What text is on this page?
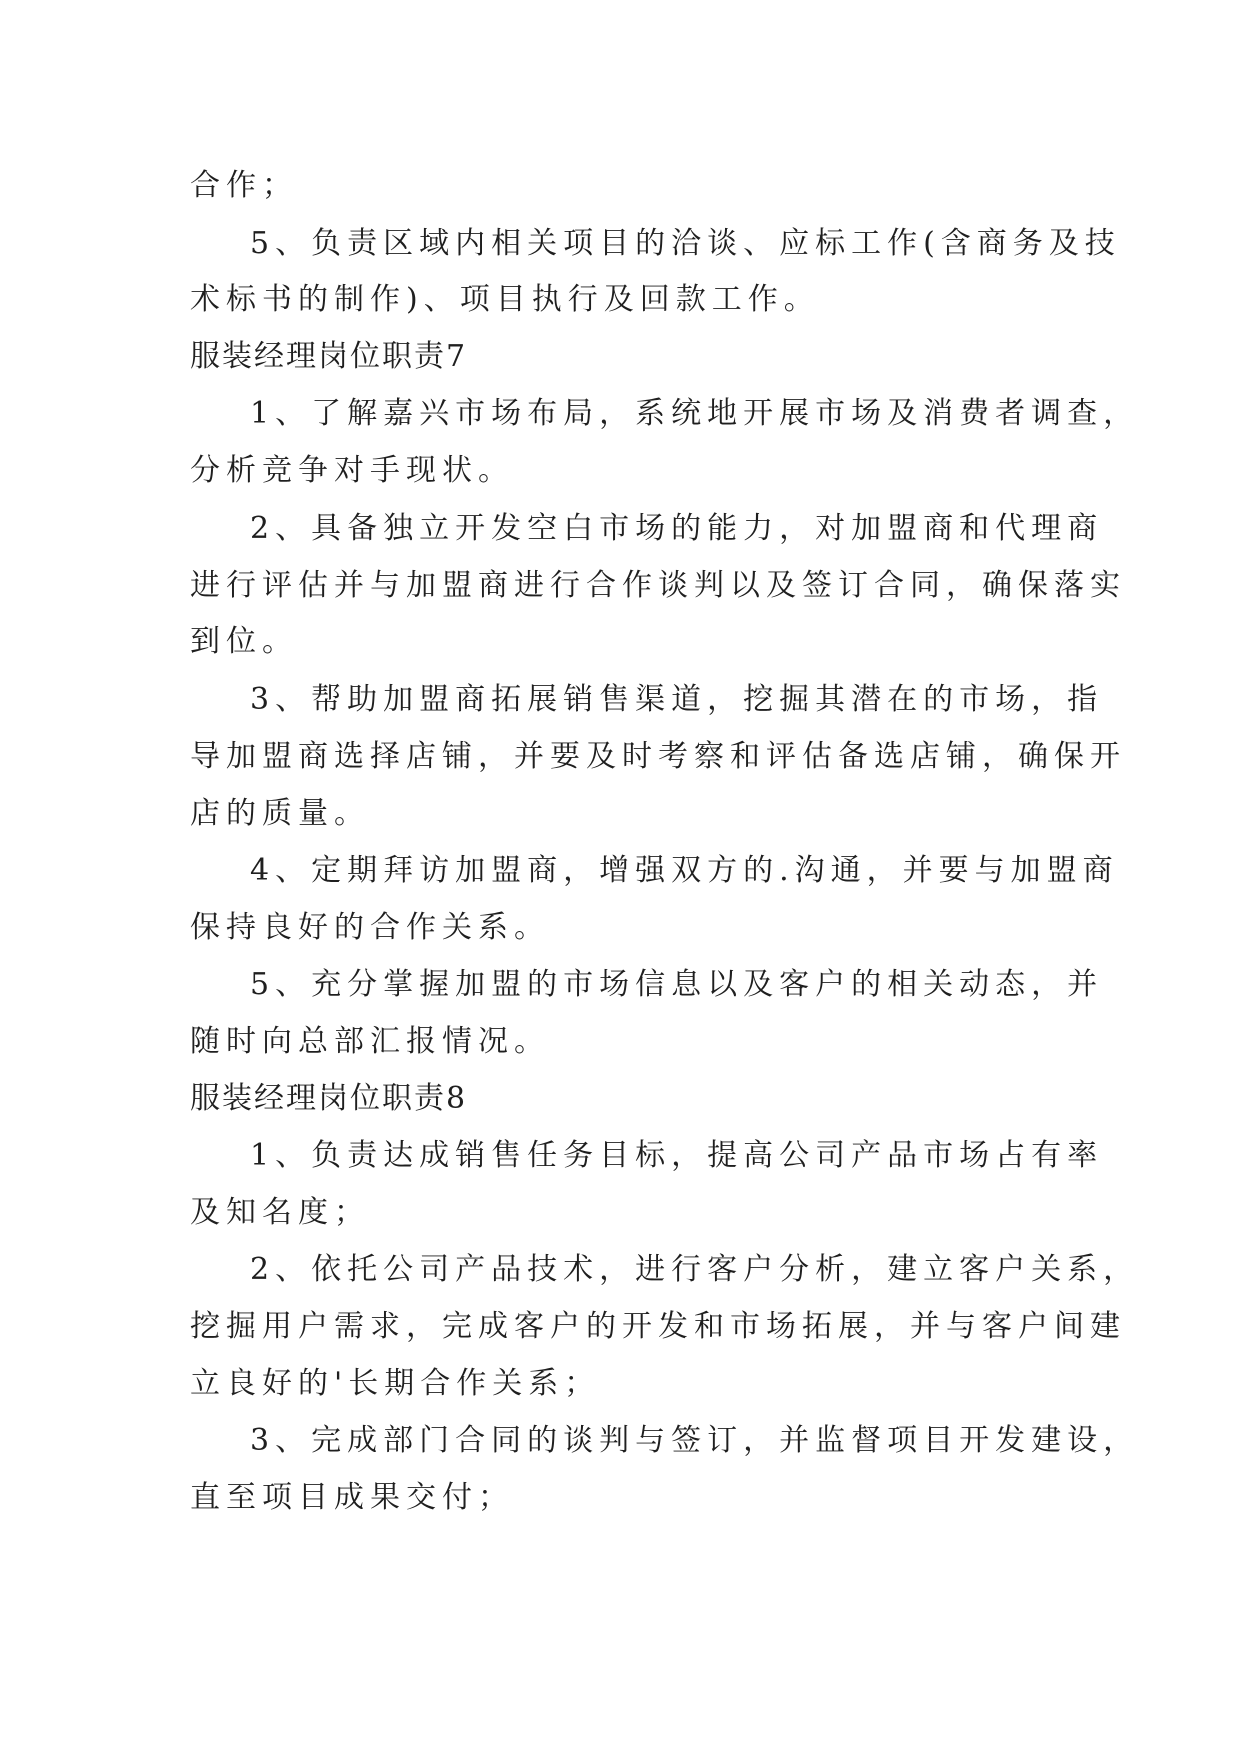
合作；
5、负责区域内相关项目的洽谈、应标工作(含商务及技
术标书的制作)、项目执行及回款工作。
服装经理岗位职责7
1、了解嘉兴市场布局，系统地开展市场及消费者调查，
分析竞争对手现状。
2、具备独立开发空白市场的能力，对加盟商和代理商
进行评估并与加盟商进行合作谈判以及签订合同，确保落实
到位。
3、帮助加盟商拓展销售渠道，挖掘其潜在的市场，指
导加盟商选择店铺，并要及时考察和评估备选店铺，确保开
店的质量。
4、定期拜访加盟商，增强双方的.沟通，并要与加盟商
保持良好的合作关系。
5、充分掌握加盟的市场信息以及客户的相关动态，并
随时向总部汇报情况。
服装经理岗位职责8
1、负责达成销售任务目标，提高公司产品市场占有率
及知名度；
2、依托公司产品技术，进行客户分析，建立客户关系，
挖掘用户需求，完成客户的开发和市场拓展，并与客户间建
立良好的'长期合作关系；
3、完成部门合同的谈判与签订，并监督项目开发建设，
直至项目成果交付；
